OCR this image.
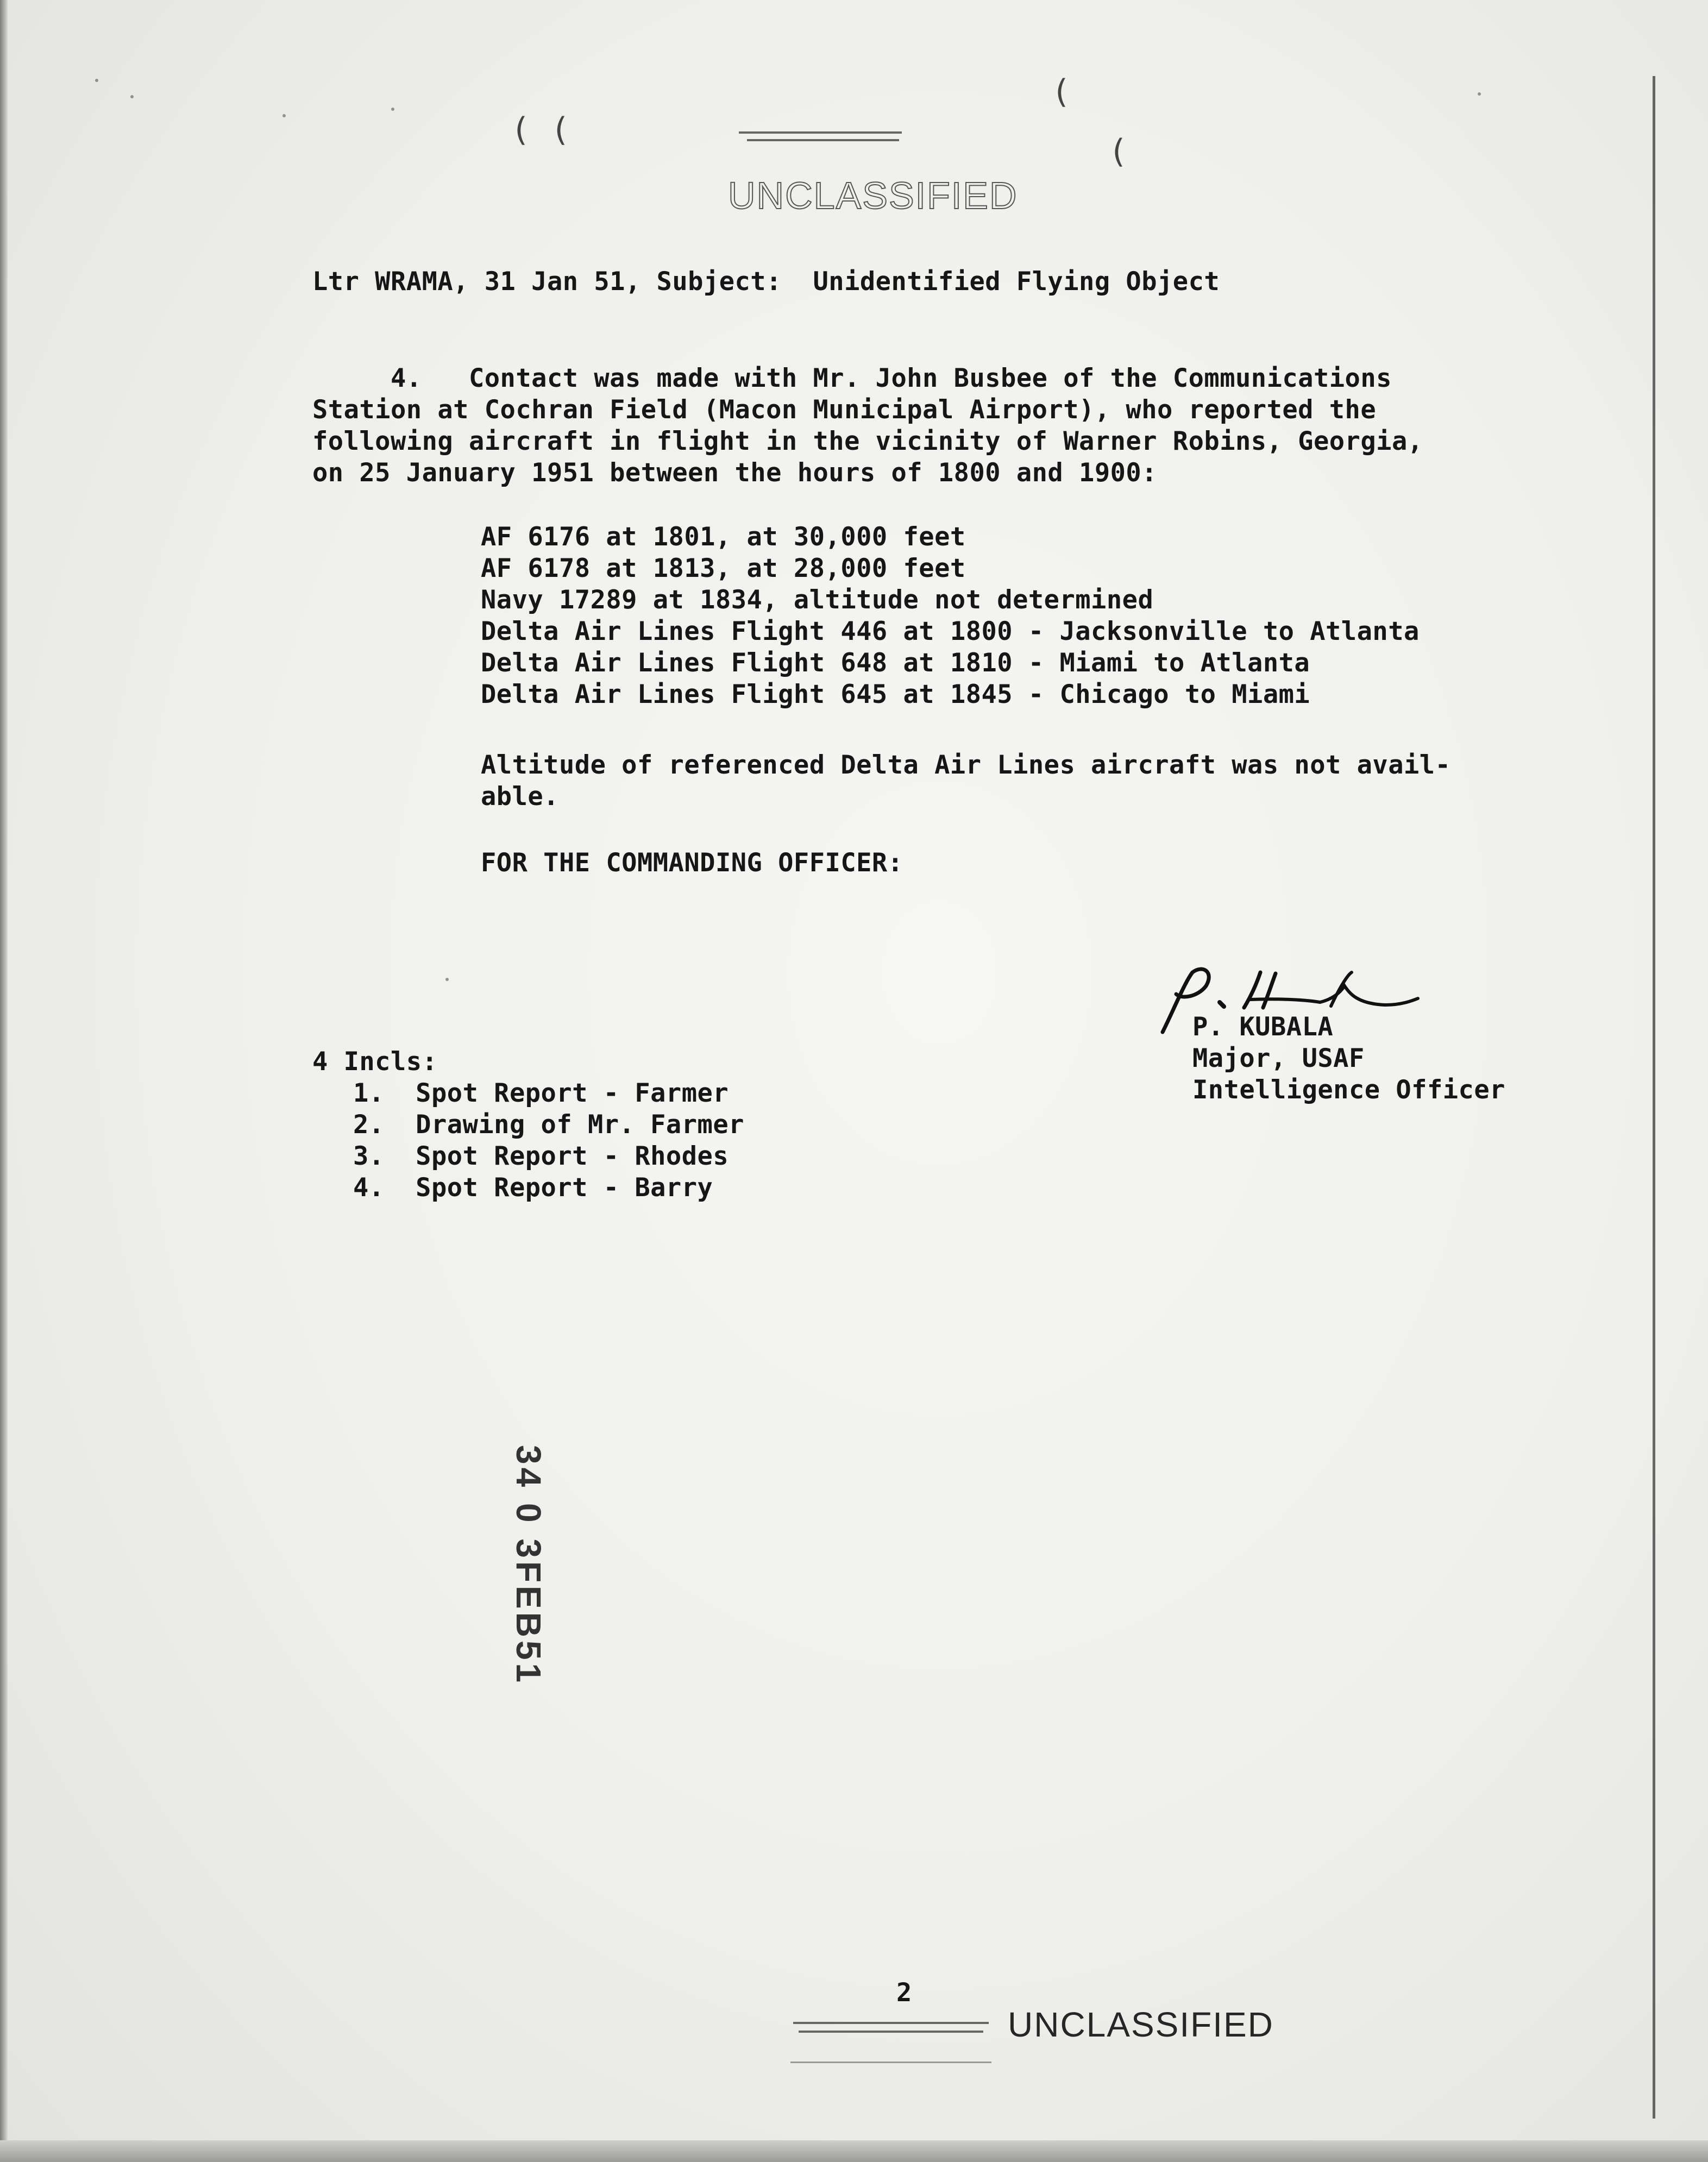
( (
(
(
UNCLASSIFIED
Ltr WRAMA, 31 Jan 51, Subject:  Unidentified Flying Object
4.   Contact was made with Mr. John Busbee of the Communications
Station at Cochran Field (Macon Municipal Airport), who reported the
following aircraft in flight in the vicinity of Warner Robins, Georgia,
on 25 January 1951 between the hours of 1800 and 1900:
AF 6176 at 1801, at 30,000 feet
AF 6178 at 1813, at 28,000 feet
Navy 17289 at 1834, altitude not determined
Delta Air Lines Flight 446 at 1800 - Jacksonville to Atlanta
Delta Air Lines Flight 648 at 1810 - Miami to Atlanta
Delta Air Lines Flight 645 at 1845 - Chicago to Miami
Altitude of referenced Delta Air Lines aircraft was not avail-
able.
FOR THE COMMANDING OFFICER:
P. KUBALA
Major, USAF
Intelligence Officer
4 Incls:
1.  Spot Report - Farmer
2.  Drawing of Mr. Farmer
3.  Spot Report - Rhodes
4.  Spot Report - Barry
34 0 3FEB51
2
UNCLASSIFIED
